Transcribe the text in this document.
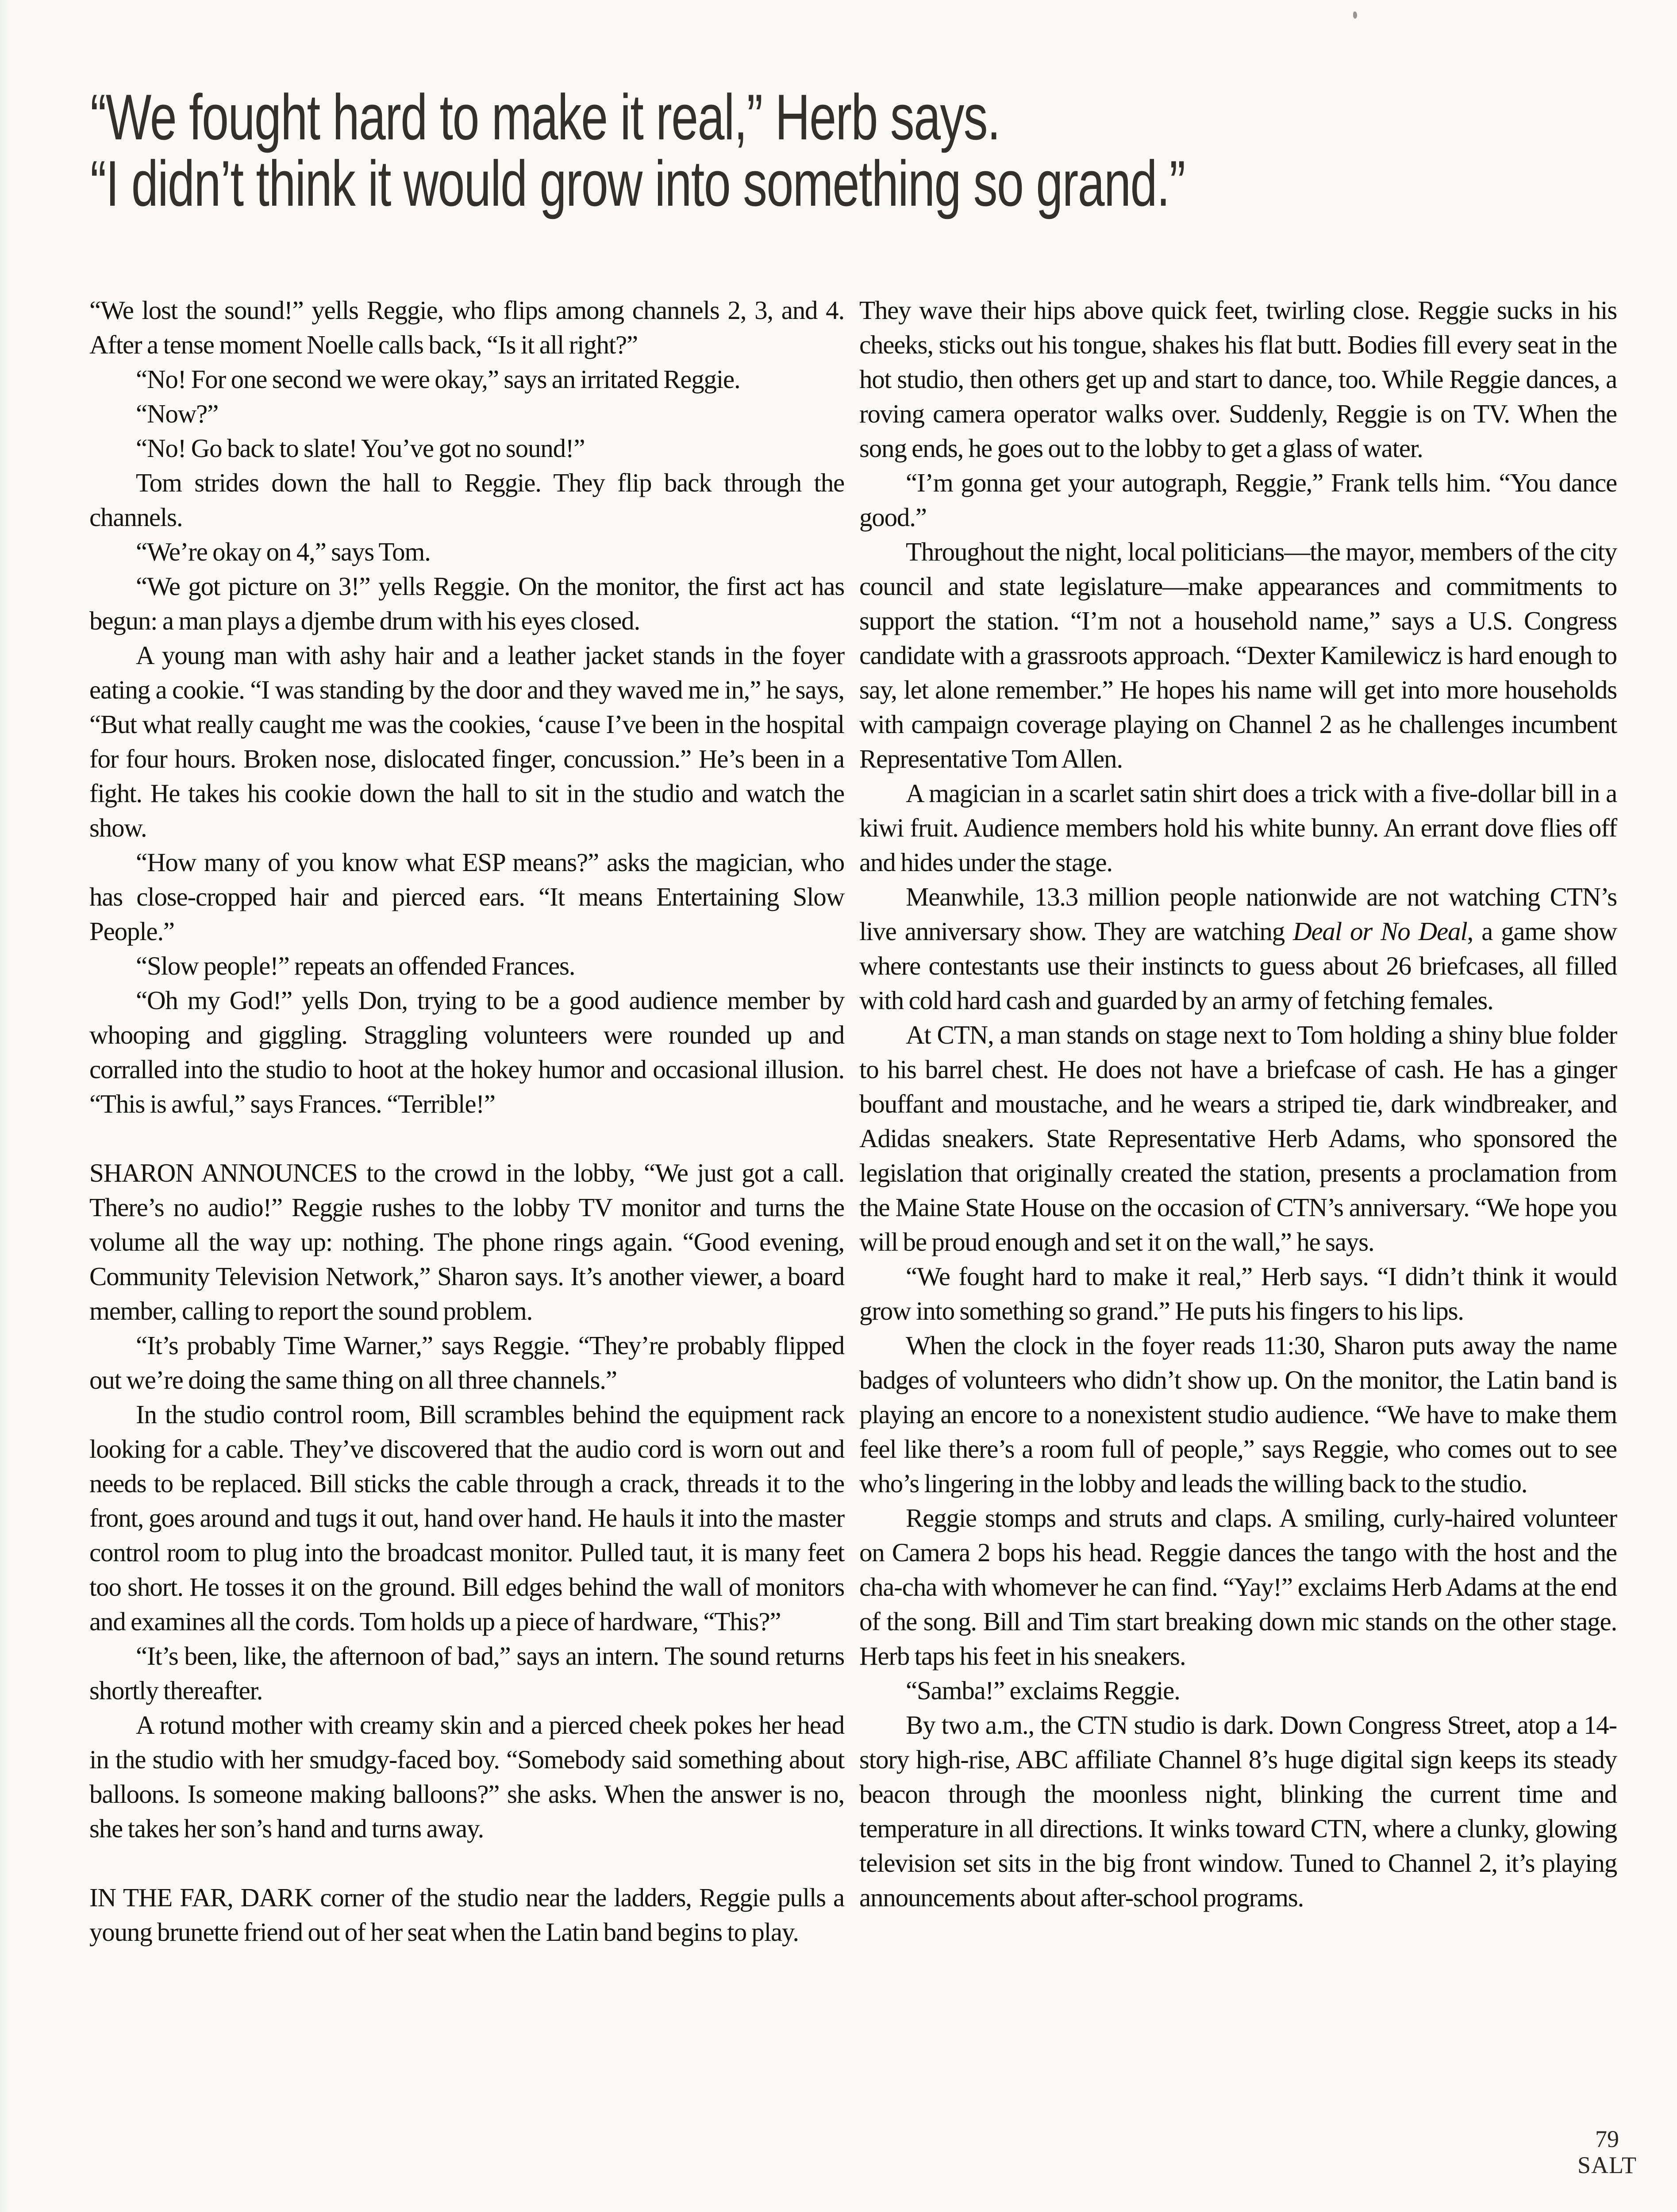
“We fought hard to make it real,” Herb says.
“I didn’t think it would grow into something so grand.”

“We lost the sound!” yells Reggie, who flips among channels 2, 3, and 4. After a tense moment Noelle calls back, “Is it all right?”

“No! For one second we were okay,” says an irritated Reggie.

“Now?”

“No! Go back to slate! You’ve got no sound!”

Tom strides down the hall to Reggie. They flip back through the channels.

“We’re okay on 4,” says Tom.

“We got picture on 3!” yells Reggie. On the monitor, the first act has begun: a man plays a djembe drum with his eyes closed.

A young man with ashy hair and a leather jacket stands in the foyer eating a cookie. “I was standing by the door and they waved me in,” he says, “But what really caught me was the cookies, ‘cause I’ve been in the hospital for four hours. Broken nose, dislocated finger, concussion.” He’s been in a fight. He takes his cookie down the hall to sit in the studio and watch the show.

“How many of you know what ESP means?” asks the magician, who has close-cropped hair and pierced ears. “It means Entertaining Slow People.”

“Slow people!” repeats an offended Frances.

“Oh my God!” yells Don, trying to be a good audience member by whooping and giggling. Straggling volunteers were rounded up and corralled into the studio to hoot at the hokey humor and occasional illusion. “This is awful,” says Frances. “Terrible!”

SHARON ANNOUNCES to the crowd in the lobby, “We just got a call. There’s no audio!” Reggie rushes to the lobby TV monitor and turns the volume all the way up: nothing. The phone rings again. “Good evening, Community Television Network,” Sharon says. It’s another viewer, a board member, calling to report the sound problem.

“It’s probably Time Warner,” says Reggie. “They’re probably flipped out we’re doing the same thing on all three channels.”

In the studio control room, Bill scrambles behind the equipment rack looking for a cable. They’ve discovered that the audio cord is worn out and needs to be replaced. Bill sticks the cable through a crack, threads it to the front, goes around and tugs it out, hand over hand. He hauls it into the master control room to plug into the broadcast monitor. Pulled taut, it is many feet too short. He tosses it on the ground. Bill edges behind the wall of monitors and examines all the cords. Tom holds up a piece of hardware, “This?”

“It’s been, like, the afternoon of bad,” says an intern. The sound returns shortly thereafter.

A rotund mother with creamy skin and a pierced cheek pokes her head in the studio with her smudgy-faced boy. “Somebody said something about balloons. Is someone making balloons?” she asks. When the answer is no, she takes her son’s hand and turns away.

IN THE FAR, DARK corner of the studio near the ladders, Reggie pulls a young brunette friend out of her seat when the Latin band begins to play.

They wave their hips above quick feet, twirling close. Reggie sucks in his cheeks, sticks out his tongue, shakes his flat butt. Bodies fill every seat in the hot studio, then others get up and start to dance, too. While Reggie dances, a roving camera operator walks over. Suddenly, Reggie is on TV. When the song ends, he goes out to the lobby to get a glass of water.

“I’m gonna get your autograph, Reggie,” Frank tells him. “You dance good.”

Throughout the night, local politicians—the mayor, members of the city council and state legislature—make appearances and commitments to support the station. “I’m not a household name,” says a U.S. Congress candidate with a grassroots approach. “Dexter Kamilewicz is hard enough to say, let alone remember.” He hopes his name will get into more households with campaign coverage playing on Channel 2 as he challenges incumbent Representative Tom Allen.

A magician in a scarlet satin shirt does a trick with a five-dollar bill in a kiwi fruit. Audience members hold his white bunny. An errant dove flies off and hides under the stage.

Meanwhile, 13.3 million people nationwide are not watching CTN’s live anniversary show. They are watching Deal or No Deal, a game show where contestants use their instincts to guess about 26 briefcases, all filled with cold hard cash and guarded by an army of fetching females.

At CTN, a man stands on stage next to Tom holding a shiny blue folder to his barrel chest. He does not have a briefcase of cash. He has a ginger bouffant and moustache, and he wears a striped tie, dark windbreaker, and Adidas sneakers. State Representative Herb Adams, who sponsored the legislation that originally created the station, presents a proclamation from the Maine State House on the occasion of CTN’s anniversary. “We hope you will be proud enough and set it on the wall,” he says.

“We fought hard to make it real,” Herb says. “I didn’t think it would grow into something so grand.” He puts his fingers to his lips.

When the clock in the foyer reads 11:30, Sharon puts away the name badges of volunteers who didn’t show up. On the monitor, the Latin band is playing an encore to a nonexistent studio audience. “We have to make them feel like there’s a room full of people,” says Reggie, who comes out to see who’s lingering in the lobby and leads the willing back to the studio.

Reggie stomps and struts and claps. A smiling, curly-haired volunteer on Camera 2 bops his head. Reggie dances the tango with the host and the cha-cha with whomever he can find. “Yay!” exclaims Herb Adams at the end of the song. Bill and Tim start breaking down mic stands on the other stage. Herb taps his feet in his sneakers.

“Samba!” exclaims Reggie.

By two a.m., the CTN studio is dark. Down Congress Street, atop a 14-story high-rise, ABC affiliate Channel 8’s huge digital sign keeps its steady beacon through the moonless night, blinking the current time and temperature in all directions. It winks toward CTN, where a clunky, glowing television set sits in the big front window. Tuned to Channel 2, it’s playing announcements about after-school programs.

79
SALT
